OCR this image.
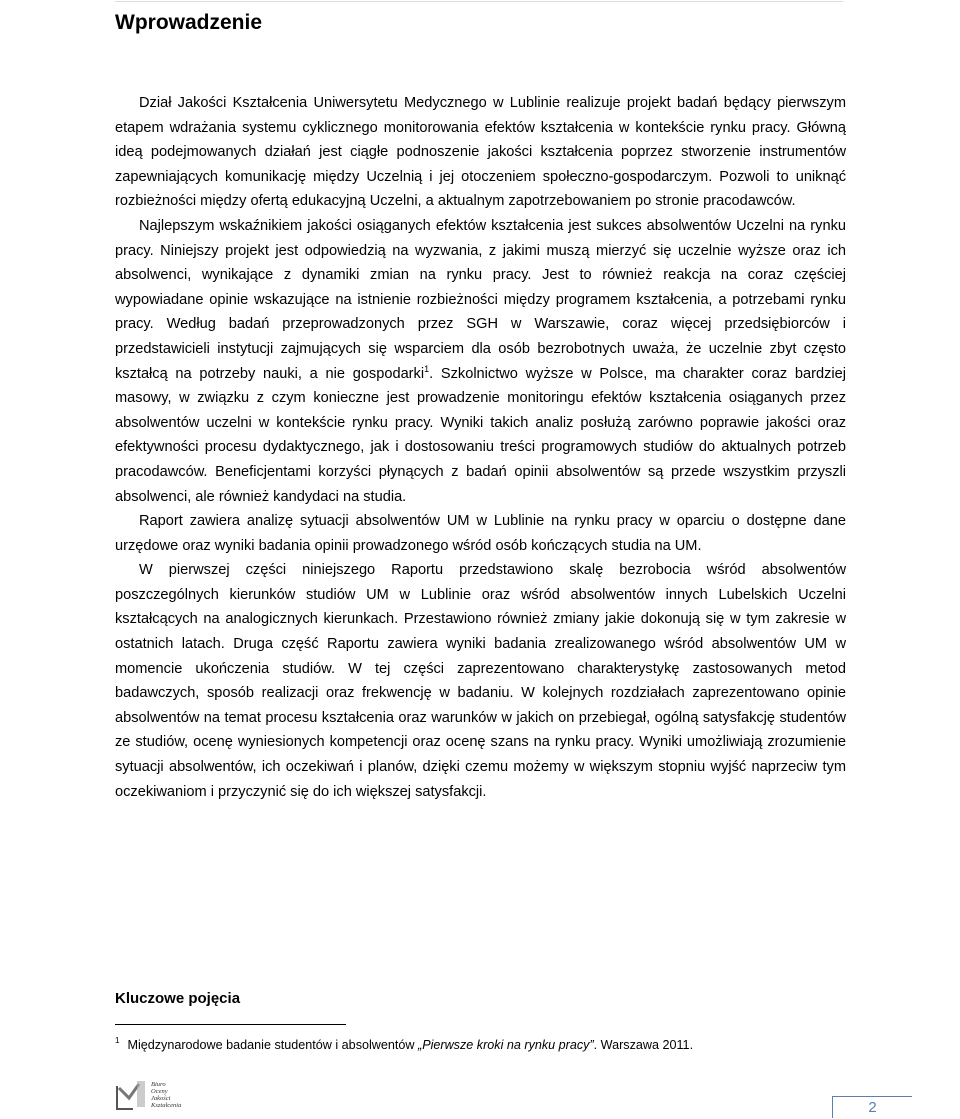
Wprowadzenie

Dział Jakości Kształcenia Uniwersytetu Medycznego w Lublinie realizuje projekt badań będący pierwszym etapem wdrażania systemu cyklicznego monitorowania efektów kształcenia w kontekście rynku pracy. Główną ideą podejmowanych działań jest ciągłe podnoszenie jakości kształcenia poprzez stworzenie instrumentów zapewniających komunikację między Uczelnią i jej otoczeniem społeczno-gospodarczym. Pozwoli to uniknąć rozbieżności między ofertą edukacyjną Uczelni, a aktualnym zapotrzebowaniem po stronie pracodawców.

Najlepszym wskaźnikiem jakości osiąganych efektów kształcenia jest sukces absolwentów Uczelni na rynku pracy. Niniejszy projekt jest odpowiedzią na wyzwania, z jakimi muszą mierzyć się uczelnie wyższe oraz ich absolwenci, wynikające z dynamiki zmian na rynku pracy. Jest to również reakcja na coraz częściej wypowiadane opinie wskazujące na istnienie rozbieżności między programem kształcenia, a potrzebami rynku pracy. Według badań przeprowadzonych przez SGH w Warszawie, coraz więcej przedsiębiorców i przedstawicieli instytucji zajmujących się wsparciem dla osób bezrobotnych uważa, że uczelnie zbyt często kształcą na potrzeby nauki, a nie gospodarki$^1$. Szkolnictwo wyższe w Polsce, ma charakter coraz bardziej masowy, w związku z czym konieczne jest prowadzenie monitoringu efektów kształcenia osiąganych przez absolwentów uczelni w kontekście rynku pracy. Wyniki takich analiz posłużą zarówno poprawie jakości oraz efektywności procesu dydaktycznego, jak i dostosowaniu treści programowych studiów do aktualnych potrzeb pracodawców. Beneficjentami korzyści płynących z badań opinii absolwentów są przede wszystkim przyszli absolwenci, ale również kandydaci na studia.

Raport zawiera analizę sytuacji absolwentów UM w Lublinie na rynku pracy w oparciu o dostępne dane urzędowe oraz wyniki badania opinii prowadzonego wśród osób kończących studia na UM.

W pierwszej części niniejszego Raportu przedstawiono skalę bezrobocia wśród absolwentów poszczególnych kierunków studiów UM w Lublinie oraz wśród absolwentów innych Lubelskich Uczelni kształcących na analogicznych kierunkach. Przestawiono również zmiany jakie dokonują się w tym zakresie w ostatnich latach. Druga część Raportu zawiera wyniki badania zrealizowanego wśród absolwentów UM w momencie ukończenia studiów. W tej części zaprezentowano charakterystykę zastosowanych metod badawczych, sposób realizacji oraz frekwencję w badaniu. W kolejnych rozdziałach zaprezentowano opinie absolwentów na temat procesu kształcenia oraz warunków w jakich on przebiegał, ogólną satysfakcję studentów ze studiów, ocenę wyniesionych kompetencji oraz ocenę szans na rynku pracy. Wyniki umożliwiają zrozumienie sytuacji absolwentów, ich oczekiwań i planów, dzięki czemu możemy w większym stopniu wyjść naprzeciw tym oczekiwaniom i przyczynić się do ich większej satysfakcji.

Kluczowe pojęcia
$^1$ Międzynarodowe badanie studentów i absolwentów „Pierwsze kroki na rynku pracy”. Warszawa 2011.
Biuro
Oceny
Jakości
Kształcenia	2
